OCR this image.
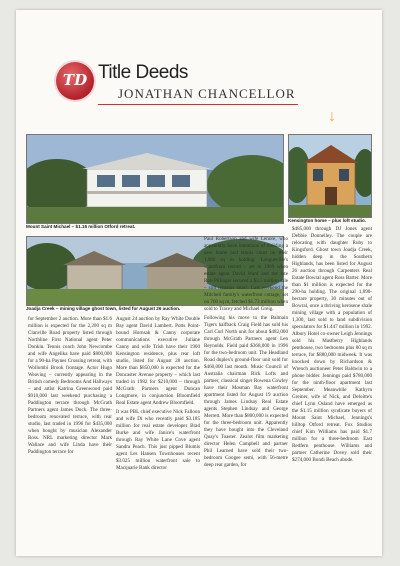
TD Title Deeds
JONATHAN CHANCELLOR
↓
Mount Saint Michael – $1.15 million Otford retreat.
Joadja Creek – mining village ghost town, listed for August 26 auction.
Kensington home – plus loft studio.
for September 2 auction. More than $1.6 million is expected for the 2,200 sq m Clanville Road property listed through Northline First National agent Peter Donkin. Tennis coach John Newcombe and wife Angelika have paid $800,000 for a 90-ha Paynes Crossing retreat, with Wollombi Brook frontage. Actor Hugo Weaving – currently appearing in the British comedy Bedrooms And Hallways – and artist Katrina Greenwood paid $910,000 last weekend purchasing a Paddington terrace through McGrath Partners agent James Duck. The three-bedroom renovated terrace, with rear studio, last traded in 1996 for $435,000 when bought by musician Alexander Ross. NRL marketing director Mark Wallace and wife Linda have their Paddington terrace for

August 24 auction by Ray White Double Bay agent David Lambert. Potts Point-bound Hornsak & Canny corporate communications executive Juliane Canny and wife Trish have their 1900 Kensington residence, plus rear loft studio, listed for August 28 auction. More than $850,000 is expected for the Doncaster Avenue property – which last traded in 1982 for $210,000 – through McGrath Partners agent Duncan Longmore, in conjunction Bloomfield Real Estate agent Andrew Bloomfield.

It was PBL chief executive Nick Falloon and wife Di who recently paid $3.185 million for real estate developer Brad Burke and wife Janice's waterfront through Ray White Lane Cove agent Sandra Peach. This just pipped Blumis agent Les Hansen Townhouses recent $3.025 million waterfront sale to Macquarie Bank director

Paul Robertson and wife Lenore, who apparently have intentions of building a new home and tennis court on their 1,980 sq m holding. Longueville's waterfront record – set in 1989 when estate agent David Ward and the late Ron Pillinger secured a $3.5 million sale – still remains intact. Last weekend the Mitchell family's waterfront cottage, set on 760 sq m, fetched $1.73 million when sold to Tracey and Michael Greig.

Following his move to the Balmain Tigers halfback Craig Field has sold his Carl Curl North unit for about $482,000 through McGrath Partners agent Len Reynolds. Field paid $368,000 in 1996 for the two-bedroom unit. The Headland Road duplex's ground-floor unit sold for $460,000 last month. Music Council of Australia chairman Rick Lofts and partner, classical singer Rowena Cowley have their Mosman Bay waterfront apartment listed for August 19 auction through James Lindsay Real Estate agents Stephen Lindsay and George Merrett. More than $800,000 is expected for the three-bedroom unit. Apparently they have bought into the Cleveland Quay's Toaster. Zealot film marketing director Helen Campbell and partner Phil Learned have sold their two-bedroom Coogee semi, with 56-metre deep rear garden, for

$485,000 through DJ Jones agent Debbie Donnelley. The couple are relocating with daughter Ruby to Kingsford. Ghost town Joadja Creek, hidden deep in the Southern Highlands, has been listed for August 26 auction through Carpenters Real Estate Bowral agent Ross Barter. More than $1 million is expected for the 290-ha holding. The original 1,890-hectare property, 30 minutes out of Bowral, once a thriving kerosene shale mining village with a population of 1,300, last sold to land subdivision speculators for $1.447 million in 1992. Albury Hotel co-owner Leigh Jennings sold his Mastberry Highlands penthouse, two bedrooms plus 80 sq m terrace, for $880,000 midweek. It was knocked down by Richardson & Wrench auctioneer Peter Baldwin to a phone bidder. Jennings paid $780,000 for the ninth-floor apartment last September. Meanwhile Kathyrn Greiner, wife of Nick, and Deloitte's chief Lynn Osland have emerged as the $1.15 million syndicate buyers of Mount Saint Michael, Jennings's hilltop Otford retreat. Fox Studios chief Kim Williams has paid $1.7 million for a three-bedroom East Redfern penthouse. Williams and partner Catherine Dovey sold their $274,000 Bondi Beach abode.
